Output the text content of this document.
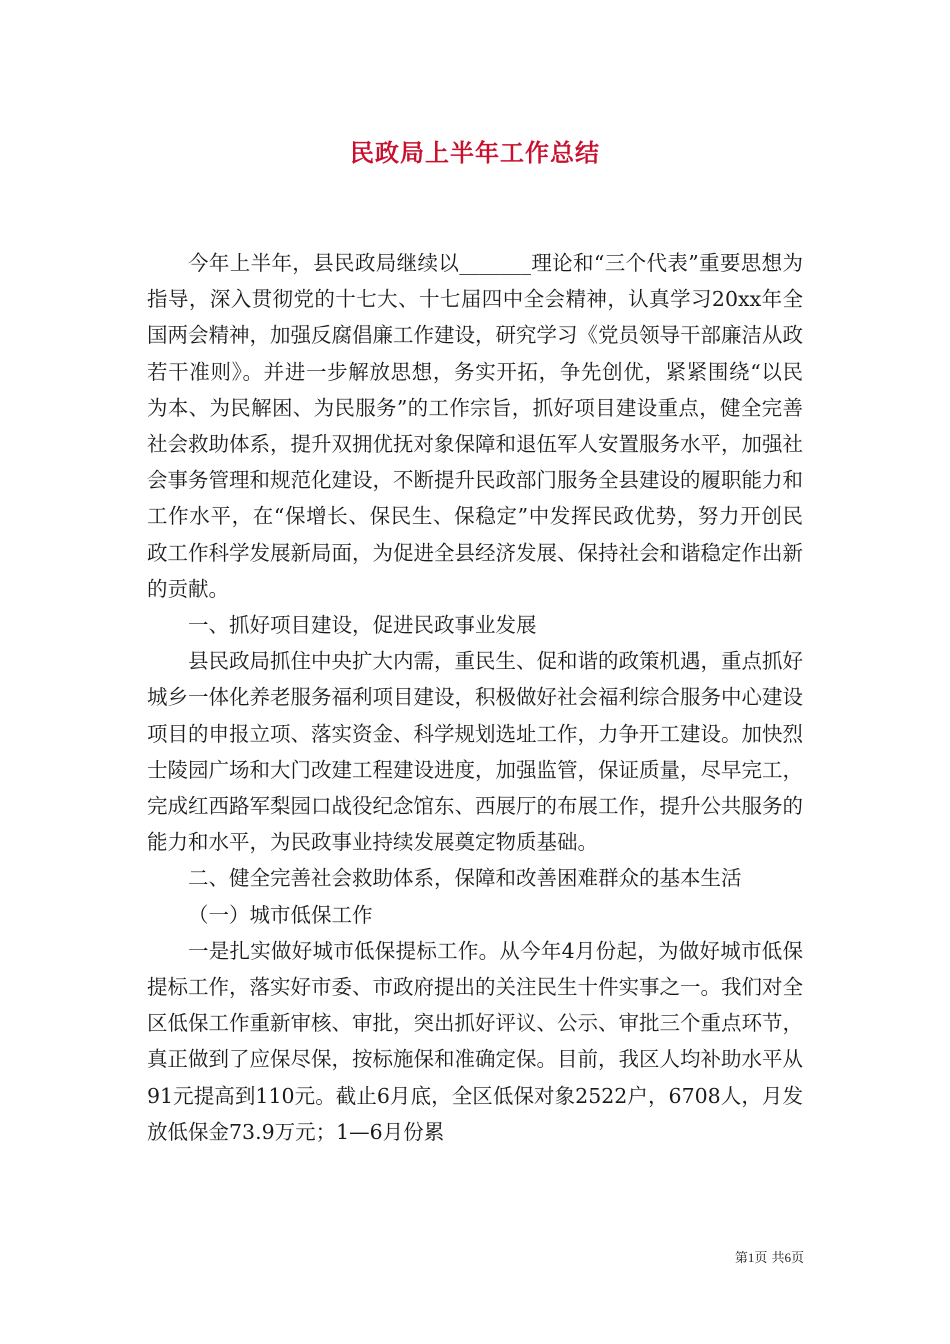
民政局上半年工作总结

今年上半年，县民政局继续以_______理论和“三个代表”重要思想为指导，深入贯彻党的十七大、十七届四中全会精神，认真学习20xx年全国两会精神，加强反腐倡廉工作建设，研究学习《党员领导干部廉洁从政若干准则》。并进一步解放思想，务实开拓，争先创优，紧紧围绕“以民为本、为民解困、为民服务”的工作宗旨，抓好项目建设重点，健全完善社会救助体系，提升双拥优抚对象保障和退伍军人安置服务水平，加强社会事务管理和规范化建设，不断提升民政部门服务全县建设的履职能力和工作水平，在“保增长、保民生、保稳定”中发挥民政优势，努力开创民政工作科学发展新局面，为促进全县经济发展、保持社会和谐稳定作出新的贡献。

一、抓好项目建设，促进民政事业发展

县民政局抓住中央扩大内需，重民生、促和谐的政策机遇，重点抓好城乡一体化养老服务福利项目建设，积极做好社会福利综合服务中心建设项目的申报立项、落实资金、科学规划选址工作，力争开工建设。加快烈士陵园广场和大门改建工程建设进度，加强监管，保证质量，尽早完工，完成红西路军梨园口战役纪念馆东、西展厅的布展工作，提升公共服务的能力和水平，为民政事业持续发展奠定物质基础。

二、健全完善社会救助体系，保障和改善困难群众的基本生活

（一）城市低保工作

一是扎实做好城市低保提标工作。从今年4月份起，为做好城市低保提标工作，落实好市委、市政府提出的关注民生十件实事之一。我们对全区低保工作重新审核、审批，突出抓好评议、公示、审批三个重点环节，真正做到了应保尽保，按标施保和准确定保。目前，我区人均补助水平从91元提高到110元。截止6月底，全区低保对象2522户，6708人，月发放低保金73.9万元；1—6月份累

第1页 共6页
